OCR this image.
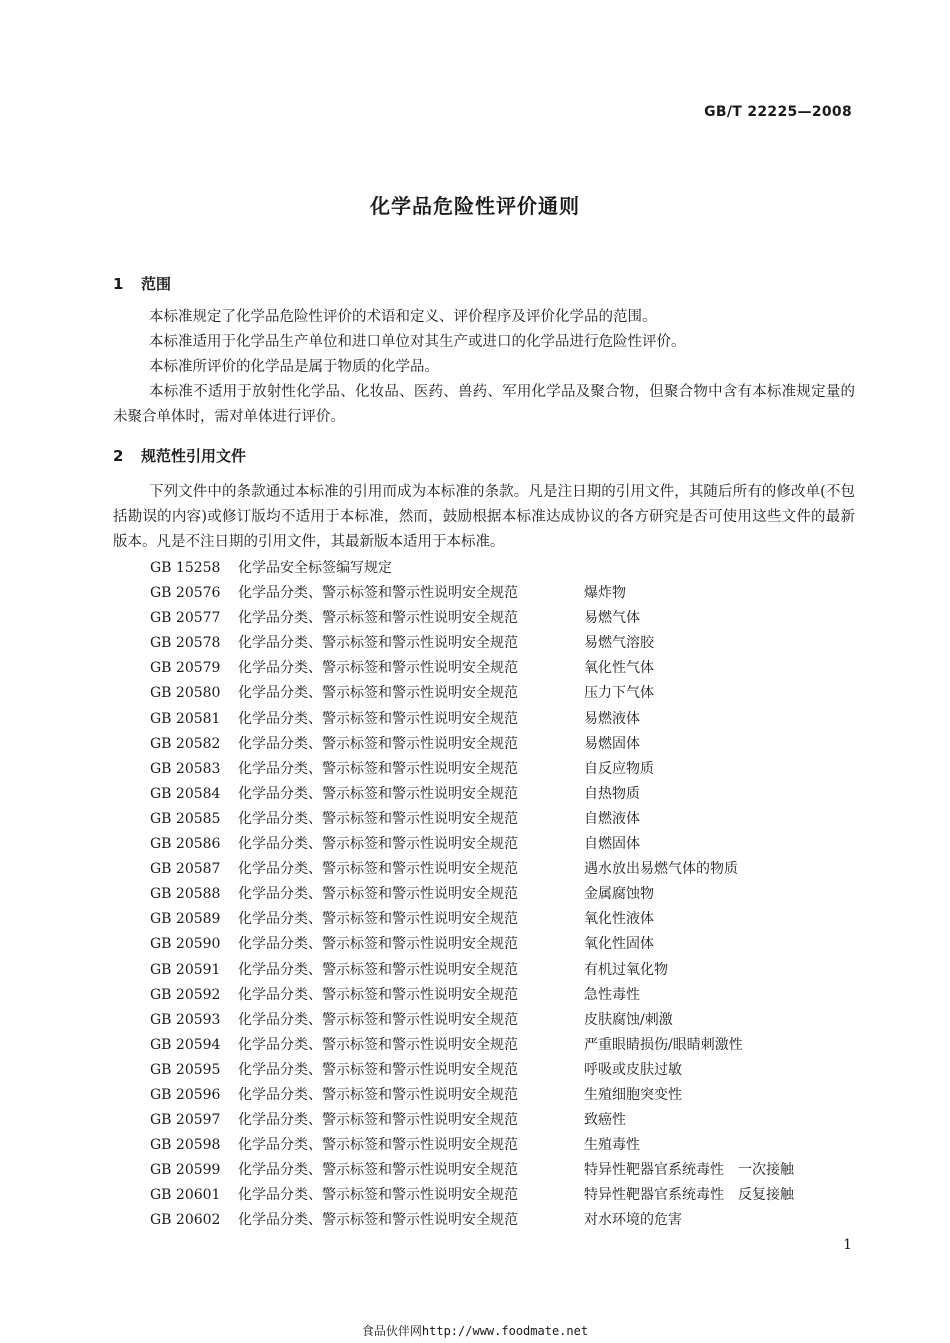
GB/T 22225—2008
化学品危险性评价通则
1 范围
本标准规定了化学品危险性评价的术语和定义、评价程序及评价化学品的范围。
本标准适用于化学品生产单位和进口单位对其生产或进口的化学品进行危险性评价。
本标准所评价的化学品是属于物质的化学品。
本标准不适用于放射性化学品、化妆品、医药、兽药、军用化学品及聚合物，但聚合物中含有本标准规定量的未聚合单体时，需对单体进行评价。
2 规范性引用文件
下列文件中的条款通过本标准的引用而成为本标准的条款。凡是注日期的引用文件，其随后所有的修改单(不包括勘误的内容)或修订版均不适用于本标准，然而，鼓励根据本标准达成协议的各方研究是否可使用这些文件的最新版本。凡是不注日期的引用文件，其最新版本适用于本标准。
GB 15258 化学品安全标签编写规定
GB 20576 化学品分类、警示标签和警示性说明安全规范	爆炸物
GB 20577 化学品分类、警示标签和警示性说明安全规范	易燃气体
GB 20578 化学品分类、警示标签和警示性说明安全规范	易燃气溶胶
GB 20579 化学品分类、警示标签和警示性说明安全规范	氧化性气体
GB 20580 化学品分类、警示标签和警示性说明安全规范	压力下气体
GB 20581 化学品分类、警示标签和警示性说明安全规范	易燃液体
GB 20582 化学品分类、警示标签和警示性说明安全规范	易燃固体
GB 20583 化学品分类、警示标签和警示性说明安全规范	自反应物质
GB 20584 化学品分类、警示标签和警示性说明安全规范	自热物质
GB 20585 化学品分类、警示标签和警示性说明安全规范	自燃液体
GB 20586 化学品分类、警示标签和警示性说明安全规范	自燃固体
GB 20587 化学品分类、警示标签和警示性说明安全规范	遇水放出易燃气体的物质
GB 20588 化学品分类、警示标签和警示性说明安全规范	金属腐蚀物
GB 20589 化学品分类、警示标签和警示性说明安全规范	氧化性液体
GB 20590 化学品分类、警示标签和警示性说明安全规范	氧化性固体
GB 20591 化学品分类、警示标签和警示性说明安全规范	有机过氧化物
GB 20592 化学品分类、警示标签和警示性说明安全规范	急性毒性
GB 20593 化学品分类、警示标签和警示性说明安全规范	皮肤腐蚀/刺激
GB 20594 化学品分类、警示标签和警示性说明安全规范	严重眼睛损伤/眼睛刺激性
GB 20595 化学品分类、警示标签和警示性说明安全规范	呼吸或皮肤过敏
GB 20596 化学品分类、警示标签和警示性说明安全规范	生殖细胞突变性
GB 20597 化学品分类、警示标签和警示性说明安全规范	致癌性
GB 20598 化学品分类、警示标签和警示性说明安全规范	生殖毒性
GB 20599 化学品分类、警示标签和警示性说明安全规范	特异性靶器官系统毒性　一次接触
GB 20601 化学品分类、警示标签和警示性说明安全规范	特异性靶器官系统毒性　反复接触
GB 20602 化学品分类、警示标签和警示性说明安全规范	对水环境的危害
1
食品伙伴网http://www.foodmate.net
